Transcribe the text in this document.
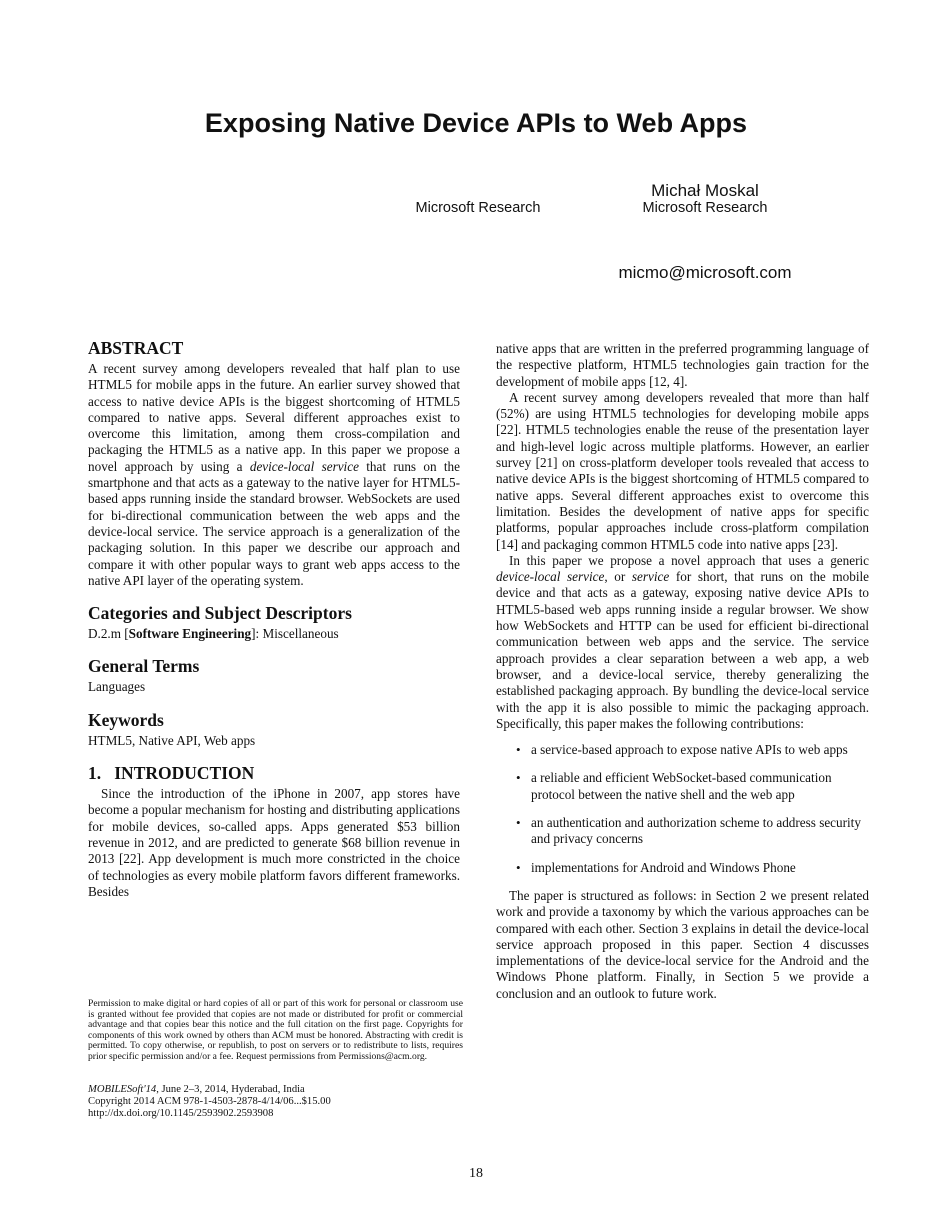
Exposing Native Device APIs to Web Apps
Michał Moskal
Microsoft Research	Microsoft Research
micmo@microsoft.com
ABSTRACT

A recent survey among developers revealed that half plan to use HTML5 for mobile apps in the future. An earlier survey showed that access to native device APIs is the biggest shortcoming of HTML5 compared to native apps. Several different approaches exist to overcome this limitation, among them cross-compilation and packaging the HTML5 as a native app. In this paper we propose a novel approach by using a device-local service that runs on the smartphone and that acts as a gateway to the native layer for HTML5-based apps running inside the standard browser. WebSockets are used for bi-directional communication between the web apps and the device-local service. The service approach is a generalization of the packaging solution. In this paper we describe our approach and compare it with other popular ways to grant web apps access to the native API layer of the operating system.

Categories and Subject Descriptors

D.2.m [Software Engineering]: Miscellaneous

General Terms

Languages

Keywords

HTML5, Native API, Web apps

1.   INTRODUCTION

Since the introduction of the iPhone in 2007, app stores have become a popular mechanism for hosting and distributing applications for mobile devices, so-called apps. Apps generated $53 billion revenue in 2012, and are predicted to generate $68 billion revenue in 2013 [22]. App development is much more constricted in the choice of technologies as every mobile platform favors different frameworks. Besides

native apps that are written in the preferred programming language of the respective platform, HTML5 technologies gain traction for the development of mobile apps [12, 4].

A recent survey among developers revealed that more than half (52%) are using HTML5 technologies for developing mobile apps [22]. HTML5 technologies enable the reuse of the presentation layer and high-level logic across multiple platforms. However, an earlier survey [21] on cross-platform developer tools revealed that access to native device APIs is the biggest shortcoming of HTML5 compared to native apps. Several different approaches exist to overcome this limitation. Besides the development of native apps for specific platforms, popular approaches include cross-platform compilation [14] and packaging common HTML5 code into native apps [23].

In this paper we propose a novel approach that uses a generic device-local service, or service for short, that runs on the mobile device and that acts as a gateway, exposing native device APIs to HTML5-based web apps running inside a regular browser. We show how WebSockets and HTTP can be used for efficient bi-directional communication between web apps and the service. The service approach provides a clear separation between a web app, a web browser, and a device-local service, thereby generalizing the established packaging approach. By bundling the device-local service with the app it is also possible to mimic the packaging approach. Specifically, this paper makes the following contributions:

• a service-based approach to expose native APIs to web apps
• a reliable and efficient WebSocket-based communication protocol between the native shell and the web app
• an authentication and authorization scheme to address security and privacy concerns
• implementations for Android and Windows Phone

The paper is structured as follows: in Section 2 we present related work and provide a taxonomy by which the various approaches can be compared with each other. Section 3 explains in detail the device-local service approach proposed in this paper. Section 4 discusses implementations of the device-local service for the Android and the Windows Phone platform. Finally, in Section 5 we provide a conclusion and an outlook to future work.

Permission to make digital or hard copies of all or part of this work for personal or classroom use is granted without fee provided that copies are not made or distributed for profit or commercial advantage and that copies bear this notice and the full citation on the first page. Copyrights for components of this work owned by others than ACM must be honored. Abstracting with credit is permitted. To copy otherwise, or republish, to post on servers or to redistribute to lists, requires prior specific permission and/or a fee. Request permissions from Permissions@acm.org.
MOBILESoft'14, June 2–3, 2014, Hyderabad, India
Copyright 2014 ACM 978-1-4503-2878-4/14/06...$15.00
http://dx.doi.org/10.1145/2593902.2593908
18
